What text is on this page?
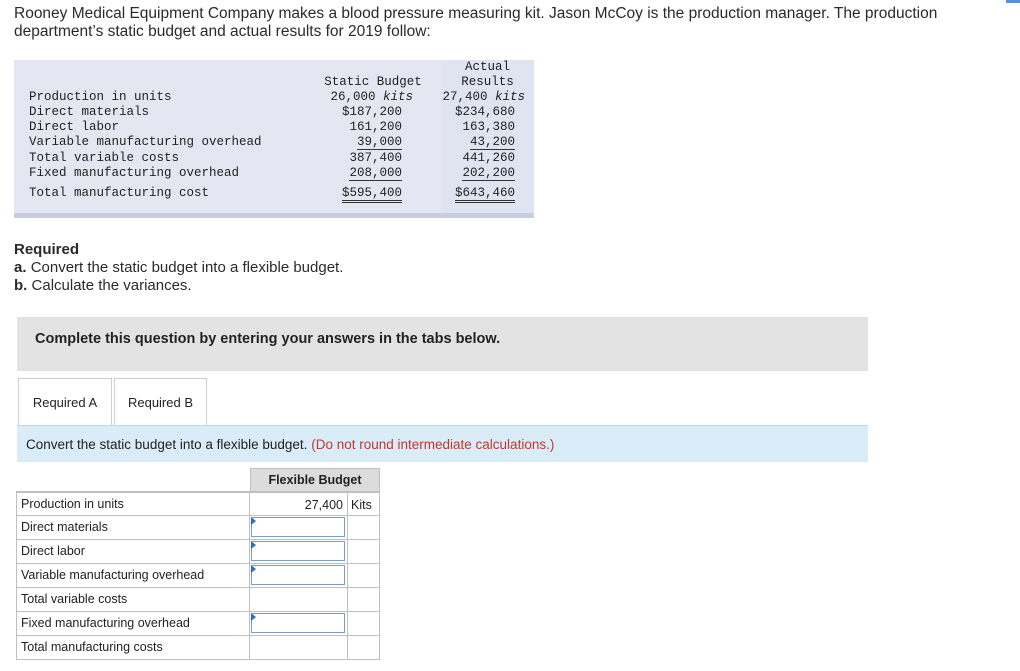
Rooney Medical Equipment Company makes a blood pressure measuring kit. Jason McCoy is the production manager. The production department’s static budget and actual results for 2019 follow:
Static Budget
Actual
Results
Production in units	26,000 kits 27,400 kits
Direct materials	$187,200	$234,680
Direct labor	161,200	163,380
Variable manufacturing overhead	39,000	43,200
Total variable costs	387,400	441,260
Fixed manufacturing overhead	208,000	202,200
Total manufacturing cost	$595,400	$643,460
Required
a. Convert the static budget into a flexible budget.
b. Calculate the variances.
Complete this question by entering your answers in the tabs below.
Required A	Required B
Convert the static budget into a flexible budget. (Do not round intermediate calculations.)
Flexible Budget
Production in units	27,400 Kits
Direct materials
Direct labor
Variable manufacturing overhead
Total variable costs
Fixed manufacturing overhead
Total manufacturing costs
